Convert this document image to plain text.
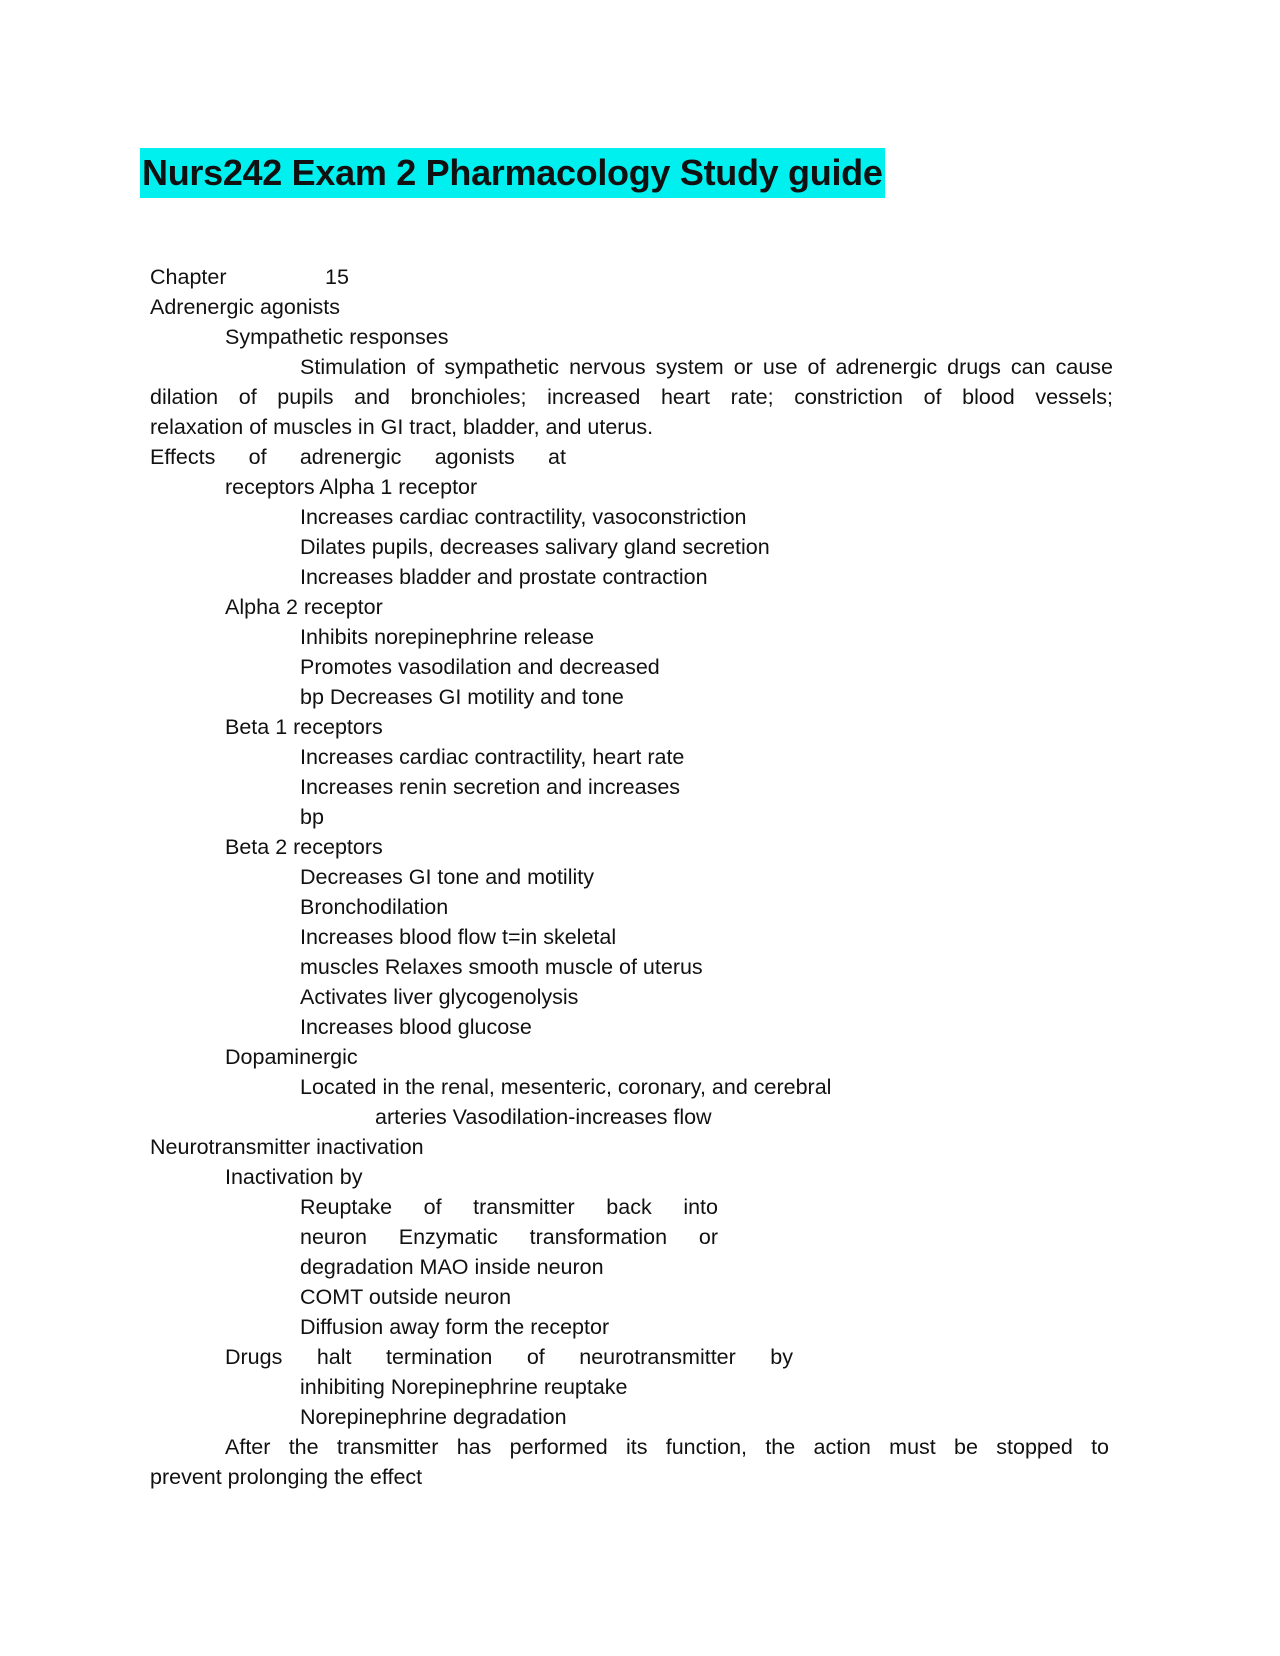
Nurs242 Exam 2 Pharmacology Study guide
Chapter	15
Adrenergic agonists
Sympathetic responses
Stimulation of sympathetic nervous system or use of adrenergic drugs can cause
dilation of pupils and bronchioles; increased heart rate; constriction of blood vessels;
relaxation of muscles in GI tract, bladder, and uterus.
Effects of adrenergic agonists at
receptors Alpha 1 receptor
Increases cardiac contractility, vasoconstriction
Dilates pupils, decreases salivary gland secretion
Increases bladder and prostate contraction
Alpha 2 receptor
Inhibits norepinephrine release
Promotes vasodilation and decreased
bp Decreases GI motility and tone
Beta 1 receptors
Increases cardiac contractility, heart rate
Increases renin secretion and increases
bp
Beta 2 receptors
Decreases GI tone and motility
Bronchodilation
Increases blood flow t=in skeletal
muscles Relaxes smooth muscle of uterus
Activates liver glycogenolysis
Increases blood glucose
Dopaminergic
Located in the renal, mesenteric, coronary, and cerebral
arteries Vasodilation-increases flow
Neurotransmitter inactivation
Inactivation by
Reuptake of transmitter back into
neuron Enzymatic transformation or
degradation MAO inside neuron
COMT outside neuron
Diffusion away form the receptor
Drugs halt termination of neurotransmitter by
inhibiting Norepinephrine reuptake
Norepinephrine degradation
After the transmitter has performed its function, the action must be stopped to
prevent prolonging the effect
